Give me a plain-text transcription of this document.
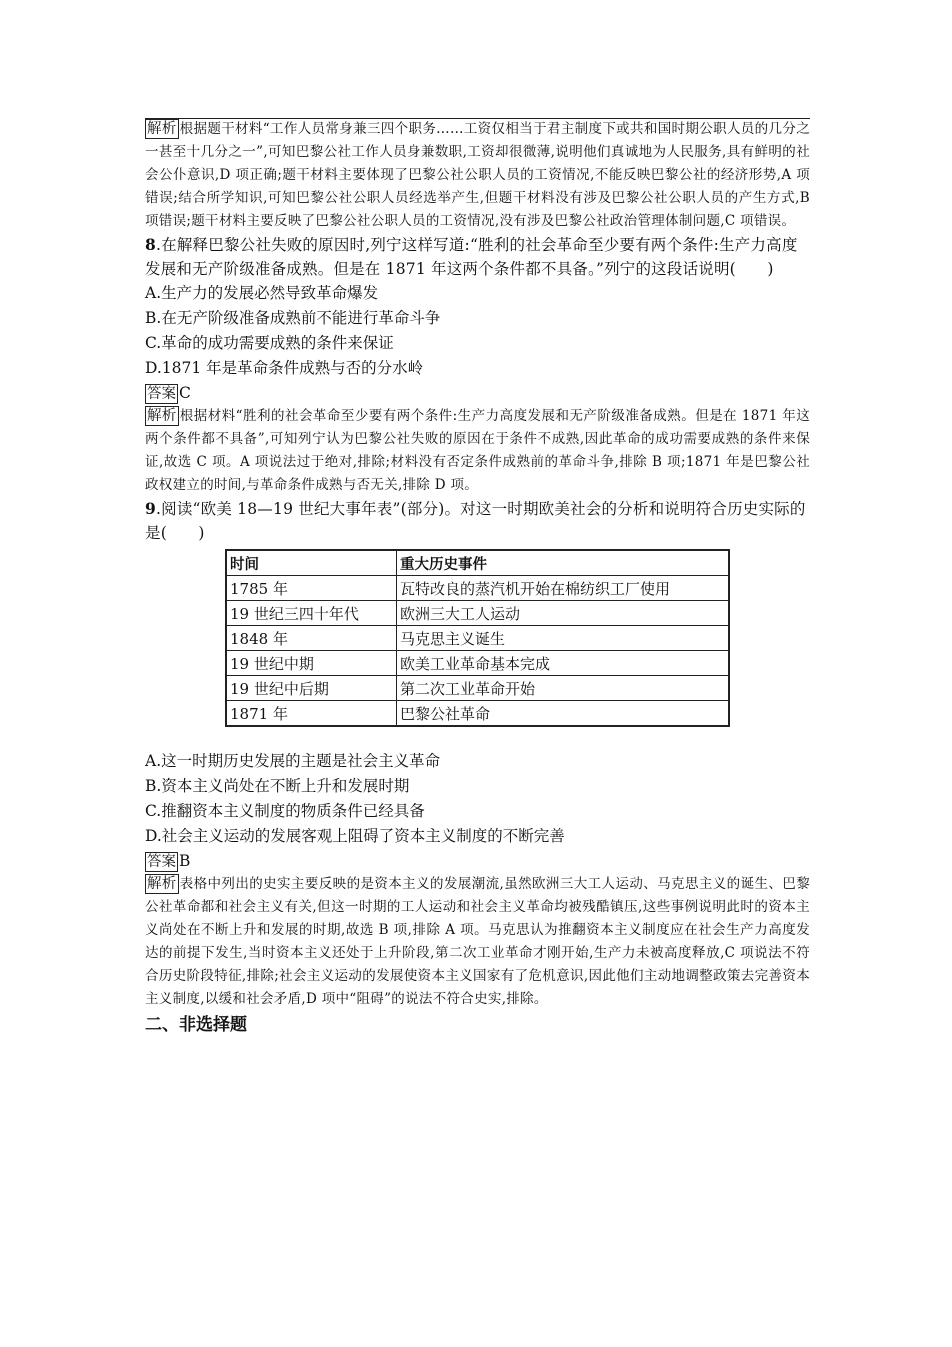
解析 根据题干材料“工作人员常身兼三四个职务……工资仅相当于君主制度下或共和国时期公职人员的几分之一甚至十几分之一”,可知巴黎公社工作人员身兼数职,工资却很微薄,说明他们真诚地为人民服务,具有鲜明的社会公仆意识,D 项正确;题干材料主要体现了巴黎公社公职人员的工资情况,不能反映巴黎公社的经济形势,A 项错误;结合所学知识,可知巴黎公社公职人员经选举产生,但题干材料没有涉及巴黎公社公职人员的产生方式,B 项错误;题干材料主要反映了巴黎公社公职人员的工资情况,没有涉及巴黎公社政治管理体制问题,C 项错误。
8.在解释巴黎公社失败的原因时,列宁这样写道:“胜利的社会革命至少要有两个条件:生产力高度发展和无产阶级准备成熟。但是在 1871 年这两个条件都不具备。”列宁的这段话说明(　　)
A.生产力的发展必然导致革命爆发
B.在无产阶级准备成熟前不能进行革命斗争
C.革命的成功需要成熟的条件来保证
D.1871 年是革命条件成熟与否的分水岭
答案 C
解析 根据材料“胜利的社会革命至少要有两个条件:生产力高度发展和无产阶级准备成熟。但是在 1871 年这两个条件都不具备”,可知列宁认为巴黎公社失败的原因在于条件不成熟,因此革命的成功需要成熟的条件来保证,故选 C 项。A 项说法过于绝对,排除;材料没有否定条件成熟前的革命斗争,排除 B 项;1871 年是巴黎公社政权建立的时间,与革命条件成熟与否无关,排除 D 项。
9.阅读“欧美 18—19 世纪大事年表”(部分)。对这一时期欧美社会的分析和说明符合历史实际的是(　　)
时间	重大历史事件
1785 年	瓦特改良的蒸汽机开始在棉纺织工厂使用
19 世纪三四十年代	欧洲三大工人运动
1848 年	马克思主义诞生
19 世纪中期	欧美工业革命基本完成
19 世纪中后期	第二次工业革命开始
1871 年	巴黎公社革命
A.这一时期历史发展的主题是社会主义革命
B.资本主义尚处在不断上升和发展时期
C.推翻资本主义制度的物质条件已经具备
D.社会主义运动的发展客观上阻碍了资本主义制度的不断完善
答案 B
解析 表格中列出的史实主要反映的是资本主义的发展潮流,虽然欧洲三大工人运动、马克思主义的诞生、巴黎公社革命都和社会主义有关,但这一时期的工人运动和社会主义革命均被残酷镇压,这些事例说明此时的资本主义尚处在不断上升和发展的时期,故选 B 项,排除 A 项。马克思认为推翻资本主义制度应在社会生产力高度发达的前提下发生,当时资本主义还处于上升阶段,第二次工业革命才刚开始,生产力未被高度释放,C 项说法不符合历史阶段特征,排除;社会主义运动的发展使资本主义国家有了危机意识,因此他们主动地调整政策去完善资本主义制度,以缓和社会矛盾,D 项中“阻碍”的说法不符合史实,排除。
二、非选择题
